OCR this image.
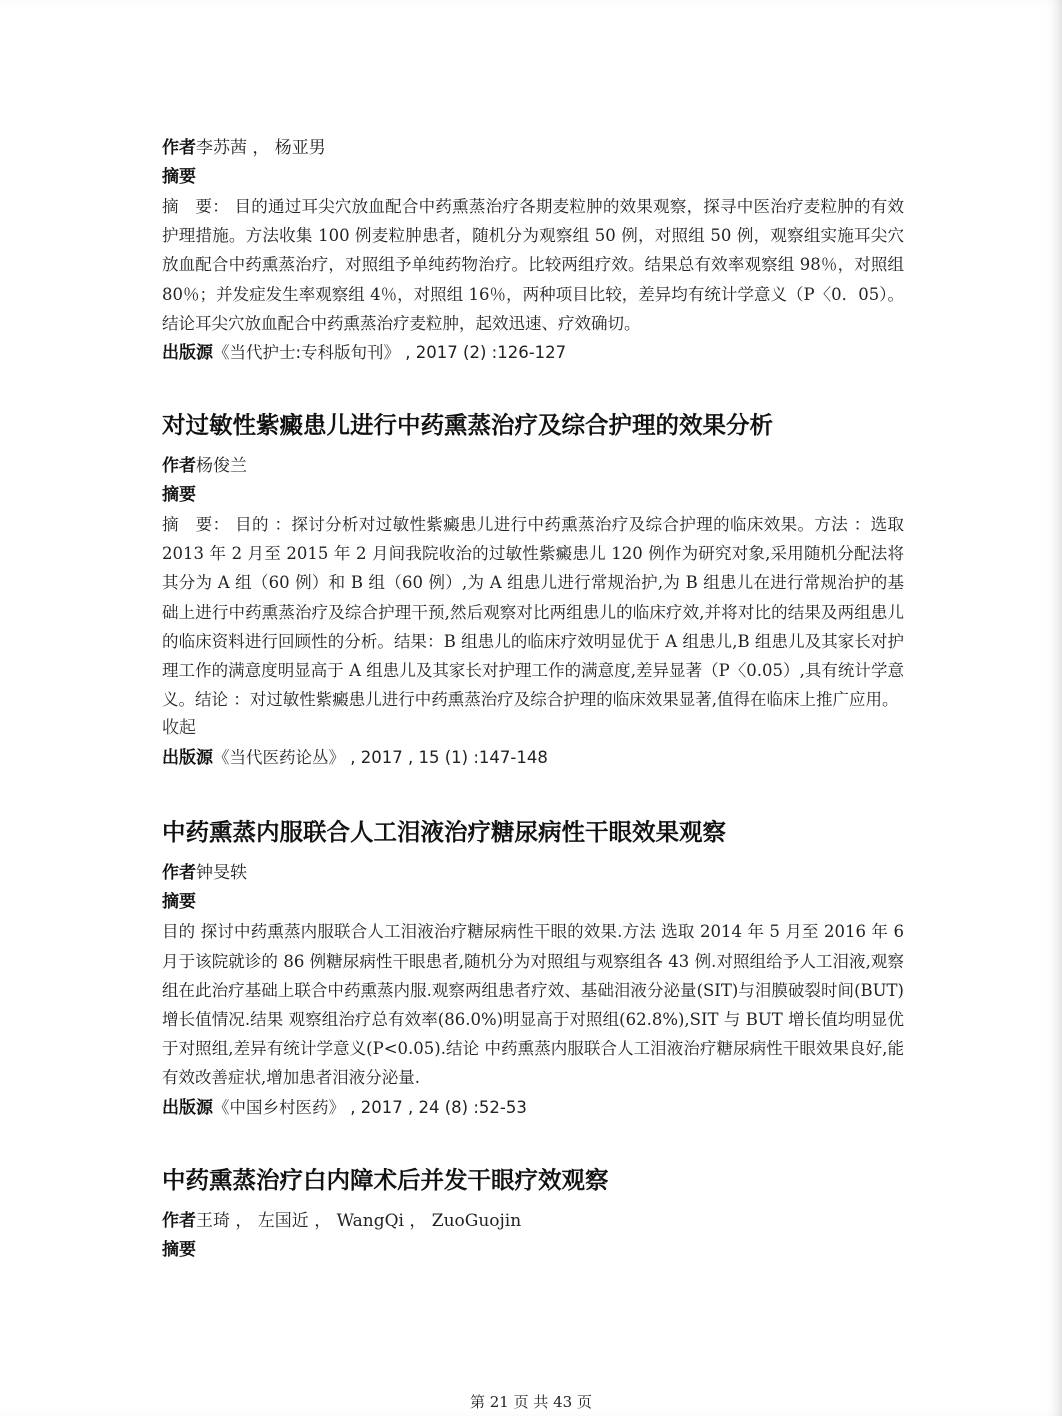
作者李苏茜 ， 杨亚男
摘要

摘　要： 目的通过耳尖穴放血配合中药熏蒸治疗各期麦粒肿的效果观察，探寻中医治疗麦粒肿的有效护理措施。方法收集 100 例麦粒肿患者，随机分为观察组 50 例，对照组 50 例，观察组实施耳尖穴放血配合中药熏蒸治疗，对照组予单纯药物治疗。比较两组疗效。结果总有效率观察组 98％，对照组 80％；并发症发生率观察组 4％，对照组 16％，两种项目比较，差异均有统计学意义（P〈0．05）。结论耳尖穴放血配合中药熏蒸治疗麦粒肿，起效迅速、疗效确切。

出版源《当代护士:专科版旬刊》 , 2017 (2) :126-127
对过敏性紫癜患儿进行中药熏蒸治疗及综合护理的效果分析
作者杨俊兰
摘要

摘　要： 目的 ：探讨分析对过敏性紫癜患儿进行中药熏蒸治疗及综合护理的临床效果。方法 ：选取 2013 年 2 月至 2015 年 2 月间我院收治的过敏性紫癜患儿 120 例作为研究对象,采用随机分配法将其分为 A 组（60 例）和 B 组（60 例）,为 A 组患儿进行常规治护,为 B 组患儿在进行常规治护的基础上进行中药熏蒸治疗及综合护理干预,然后观察对比两组患儿的临床疗效,并将对比的结果及两组患儿的临床资料进行回顾性的分析。结果：B 组患儿的临床疗效明显优于 A 组患儿,B 组患儿及其家长对护理工作的满意度明显高于 A 组患儿及其家长对护理工作的满意度,差异显著（P〈0.05）,具有统计学意义。结论 ：对过敏性紫癜患儿进行中药熏蒸治疗及综合护理的临床效果显著,值得在临床上推广应用。

收起
出版源《当代医药论丛》 , 2017 , 15 (1) :147-148
中药熏蒸内服联合人工泪液治疗糖尿病性干眼效果观察
作者钟旻轶
摘要

目的 探讨中药熏蒸内服联合人工泪液治疗糖尿病性干眼的效果.方法 选取 2014 年 5 月至 2016 年 6 月于该院就诊的 86 例糖尿病性干眼患者,随机分为对照组与观察组各 43 例.对照组给予人工泪液,观察组在此治疗基础上联合中药熏蒸内服.观察两组患者疗效、基础泪液分泌量(SIT)与泪膜破裂时间(BUT)增长值情况.结果 观察组治疗总有效率(86.0%)明显高于对照组(62.8%),SIT 与 BUT 增长值均明显优于对照组,差异有统计学意义(P<0.05).结论 中药熏蒸内服联合人工泪液治疗糖尿病性干眼效果良好,能有效改善症状,增加患者泪液分泌量.

出版源《中国乡村医药》 , 2017 , 24 (8) :52-53
中药熏蒸治疗白内障术后并发干眼疗效观察
作者王琦 ， 左国近 ， WangQi ， ZuoGuojin
摘要
第 21 页 共 43 页
